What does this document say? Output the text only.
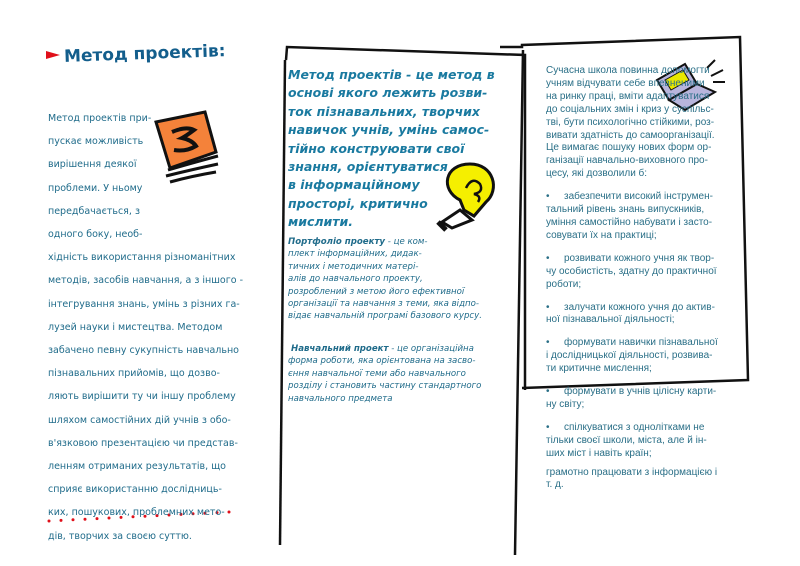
Метод проектів:
Метод проектів при-
пускає можливість
вирішення деякої
проблеми. У ньому
передбачається, з
одного боку, необ-
хідність використання різноманітних
методів, засобів навчання, а з іншого -
інтегрування знань, умінь з різних га-
лузей науки і мистецтва. Методом
забачено певну сукупність навчально
пізнавальних прийомів, що дозво-
ляють вирішити ту чи іншу проблему
шляхом самостійних дій учнів з обо-
в'язковою презентацією чи представ-
ленням отриманих результатів, що
сприяє використанню дослідниць-
ких, пошукових, проблемних мето-
дів, творчих за своєю суттю.
Метод проектів - це метод в
основі якого лежить розви-
ток пізнавальних, творчих
навичок учнів, умінь самос-
тійно конструювати свої
знання, орієнтуватися
в інформаційному
просторі, критично
мислити.
Портфоліо проекту - це ком-
плект інформаційних, дидак-
тичних і методичних матері-
алів до навчального проекту,
розроблений з метою його ефективної
організації та навчання з теми, яка відпо-
відає навчальній програмі базового курсу.
Навчальний проект - це організаційна
форма роботи, яка орієнтована на засво-
єння навчальної теми або навчального
розділу і становить частину стандартного
навчального предмета
Сучасна школа повинна допомогти
учням відчувати себе впевненими
на ринку праці, вміти адаптуватися
до соціальних змін і криз у суспільс-
тві, бути психологічно стійкими, роз-
вивати здатність до самоорганізації.
Це вимагає пошуку нових форм ор-
ганізації навчально-виховного про-
цесу, які дозволили б:
• забезпечити високий інструмен-
тальний рівень знань випускників,
уміння самостійно набувати і засто-
совувати їх на практиці;
• розвивати кожного учня як твор-
чу особистість, здатну до практичної
роботи;
• залучати кожного учня до актив-
ної пізнавальної діяльності;
• формувати навички пізнавальної
і дослідницької діяльності, розвива-
ти критичне мислення;
• формувати в учнів цілісну карти-
ну світу;
• спілкуватися з однолітками не
тільки своєї школи, міста, але й ін-
ших міст і навіть країн;
грамотно працювати з інформацією і
т. д.
